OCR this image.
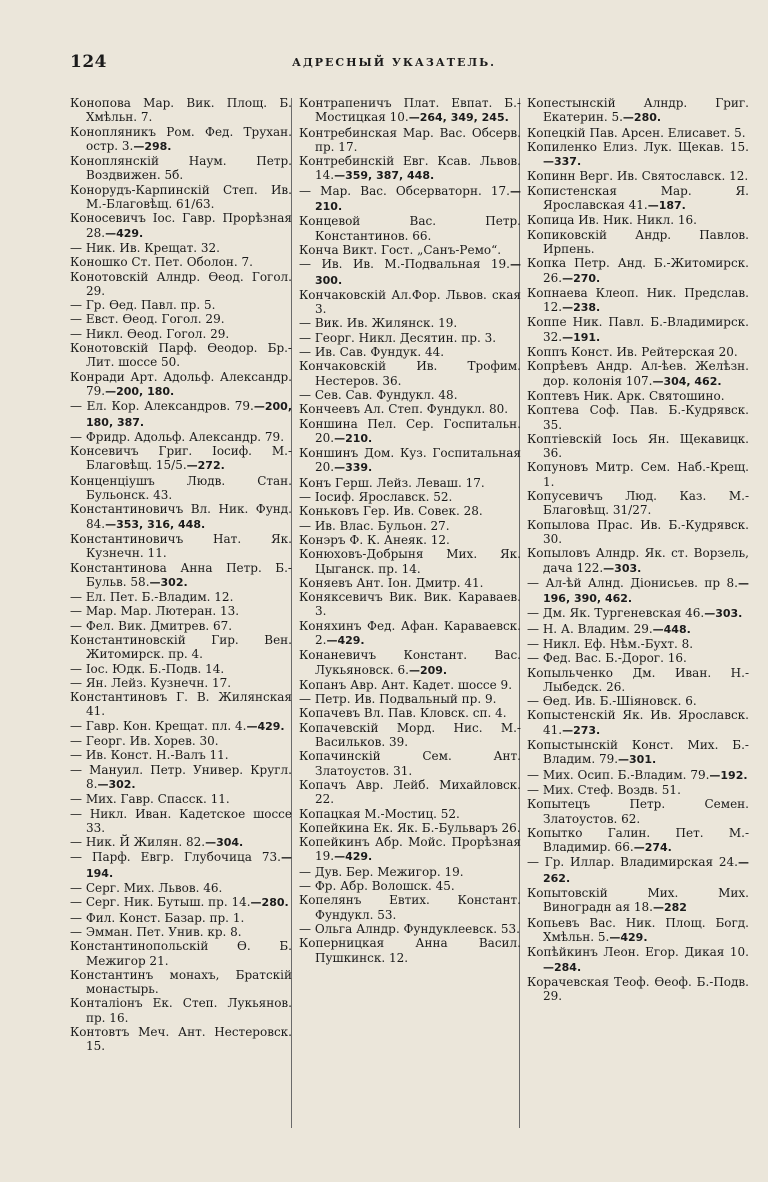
124	АДРЕСНЫЙ УКАЗАТЕЛЬ.

Конопова Мар. Вик. Площ. Б. Хмѣльн. 7.

Конопляникъ Ром. Фед. Трухан. остр. 3.—298.

Коноплянскiй Наум. Петр. Воздвижен. 5б.

Конорудъ-Карпинскiй Степ. Ив. М.-Благовѣщ. 61/63.

Коносевичъ Iос. Гавр. Прорѣзная 28.—429.

— Ник. Ив. Крещат. 32.

Коношко Ст. Пет. Оболон. 7.

Конотовскiй Алндр. Ѳеод. Гогол. 29.

— Гр. Ѳед. Павл. пр. 5.

— Евст. Ѳеод. Гогол. 29.

— Никл. Ѳеод. Гогол. 29.

Конотовскiй Парф. Ѳеодор. Бр.-Лит. шоссе 50.

Конради Арт. Адольф. Александр. 79.—200, 180.

— Ел. Кор. Александров. 79.—200, 180, 387.

— Фридр. Адольф. Александр. 79.

Консевичъ Григ. Iосиф. М.-Благовѣщ. 15/5.—272.

Конценцiушъ Людв. Стан. Бульонск. 43.

Константиновичъ Вл. Ник. Фунд. 84.—353, 316, 448.

Константиновичъ Нат. Як. Кузнечн. 11.

Константинова Анна Петр. Б.-Бульв. 58.—302.

— Ел. Пет. Б.-Владим. 12.

— Мар. Мар. Лютеран. 13.

— Фел. Вик. Дмитрев. 67.

Константиновскiй Гир. Вен. Житомирск. пр. 4.

— Iос. Юдк. Б.-Подв. 14.

— Ян. Лейз. Кузнечн. 17.

Константиновъ Г. В. Жилянская 41.

— Гавр. Кон. Крещат. пл. 4.—429.

— Георг. Ив. Хорев. 30.

— Ив. Конст. Н.-Валъ 11.

— Мануил. Петр. Универ. Кругл. 8.—302.

— Мих. Гавр. Спасск. 11.

— Никл. Иван. Кадетское шоссе 33.

— Ник. Й Жилян. 82.—304.

— Парф. Евгр. Глубочица 73.—194.

— Серг. Мих. Львов. 46.

— Серг. Ник. Бутыш. пр. 14.—280.

— Фил. Конст. Базар. пр. 1.

— Эмман. Пет. Унив. кр. 8.

Константинопольскiй Ѳ. Б. Межигор 21.

Константинъ монахъ, Братскiй монастырь.

Конталiонъ Ек. Степ. Лукьянов. пр. 16.

Контовтъ Меч. Ант. Нестеровск. 15.

Контрапеничъ Плат. Евпат. Б.-Мостицкая 10.—264, 349, 245.

Контребинская Мар. Вас. Обсерв. пр. 17.

Контребинскiй Евг. Ксав. Львов. 14.—359, 387, 448.

— Мар. Вас. Обсерваторн. 17.—210.

Концевой Вас. Петр. Константинов. 66.

Конча Викт. Гост. „Санъ-Ремо“.

— Ив. Ив. М.-Подвальная 19.—300.

Кончаковскiй Ал.Фор. Львов. ская 3.

— Вик. Ив. Жилянск. 19.

— Георг. Никл. Десятин. пр. 3.

— Ив. Сав. Фундук. 44.

Кончаковскiй Ив. Трофим. Нестеров. 36.

— Сев. Сав. Фундукл. 48.

Кончеевъ Ал. Степ. Фундукл. 80.

Коншина Пел. Сер. Госпитальн. 20.—210.

Коншинъ Дом. Куз. Госпитальная 20.—339.

Конъ Герш. Лейз. Леваш. 17.

— Iосиф. Ярославск. 52.

Коньковъ Гер. Ив. Совек. 28.

— Ив. Влас. Бульон. 27.

Конэръ Ф. К. Анеяк. 12.

Конюховъ-Добрыня Мих. Як. Цыганск. пр. 14.

Коняевъ Ант. Iон. Дмитр. 41.

Коняксевичъ Вик. Вик. Караваев. 3.

Коняхинъ Фед. Афан. Караваевск. 2.—429.

Конаневичъ Констант. Вас. Лукьяновск. 6.—209.

Копанъ Авр. Ант. Кадет. шоссе 9.

— Петр. Ив. Подвальный пр. 9.

Копачевъ Вл. Пав. Кловск. сп. 4.

Копачевскiй Морд. Нис. М.-Васильков. 39.

Копачинскiй Сем. Ант. Златоустов. 31.

Копачъ Авр. Лейб. Михайловск. 22.

Копацкая М.-Мостиц. 52.

Копейкина Ек. Як. Б.-Бульваръ 26.

Копейкинъ Абр. Мойс. Прорѣзная 19.—429.

— Дув. Бер. Межигор. 19.

— Фр. Абр. Волошск. 45.

Копелянъ Евтих. Констант. Фундукл. 53.

— Ольга Алндр. Фундуклеевск. 53.

Коперницкая Анна Васил. Пушкинск. 12.

Копестынскiй Алндр. Григ. Екатерин. 5.—280.

Копецкiй Пав. Арсен. Елисавет. 5.

Копиленко Елиз. Лук. Щекав. 15.—337.

Копинн Верг. Ив. Святославск. 12.

Копистенская Мар. Я. Ярославская 41.—187.

Копица Ив. Ник. Никл. 16.

Копиковскiй Андр. Павлов. Ирпень.

Копка Петр. Анд. Б.-Житомирск. 26.—270.

Копнаева Клеоп. Ник. Предслав. 12.—238.

Коппе Ник. Павл. Б.-Владимирск. 32.—191.

Коппъ Конст. Ив. Рейтерская 20.

Копрѣевъ Андр. Ал-ѣев. Желѣзн. дор. колонiя 107.—304, 462.

Коптевъ Ник. Арк. Святошино.

Коптева Соф. Пав. Б.-Кудрявск. 35.

Коптiевскiй Iось Ян. Щекавицк. 36.

Копуновъ Митр. Сем. Наб.-Крещ. 1.

Копусевичъ Люд. Каз. М.-Благовѣщ. 31/27.

Копылова Прас. Ив. Б.-Кудрявск. 30.

Копыловъ Алндр. Як. ст. Ворзель, дача 122.—303.

— Ал-ѣй Алнд. Дiонисьев. пр 8.—196, 390, 462.

— Дм. Як. Тургеневская 46.—303.

— Н. А. Владим. 29.—448.

— Никл. Еф. Нѣм.-Бухт. 8.

— Фед. Вас. Б.-Дорог. 16.

Копыльченко Дм. Иван. Н.-Лыбедск. 26.

— Ѳед. Ив. Б.-Шiяновск. 6.

Копыстенскiй Як. Ив. Ярославск. 41.—273.

Копыстынскiй Конст. Мих. Б.-Владим. 79.—301.

— Мих. Осип. Б.-Владим. 79.—192.

— Мих. Стеф. Воздв. 51.

Копытецъ Петр. Семен. Златоустов. 62.

Копытко Галин. Пет. М.-Владимир. 66.—274.

— Гр. Иллар. Владимирская 24.—262.

Копытовскiй Мих. Мих. Виноградн ая 18.—282

Копьевъ Вас. Ник. Площ. Богд. Хмѣльн. 5.—429.

Копѣйкинъ Леон. Егор. Дикая 10.—284.

Корачевская Теоф. Ѳеоф. Б.-Подв. 29.
